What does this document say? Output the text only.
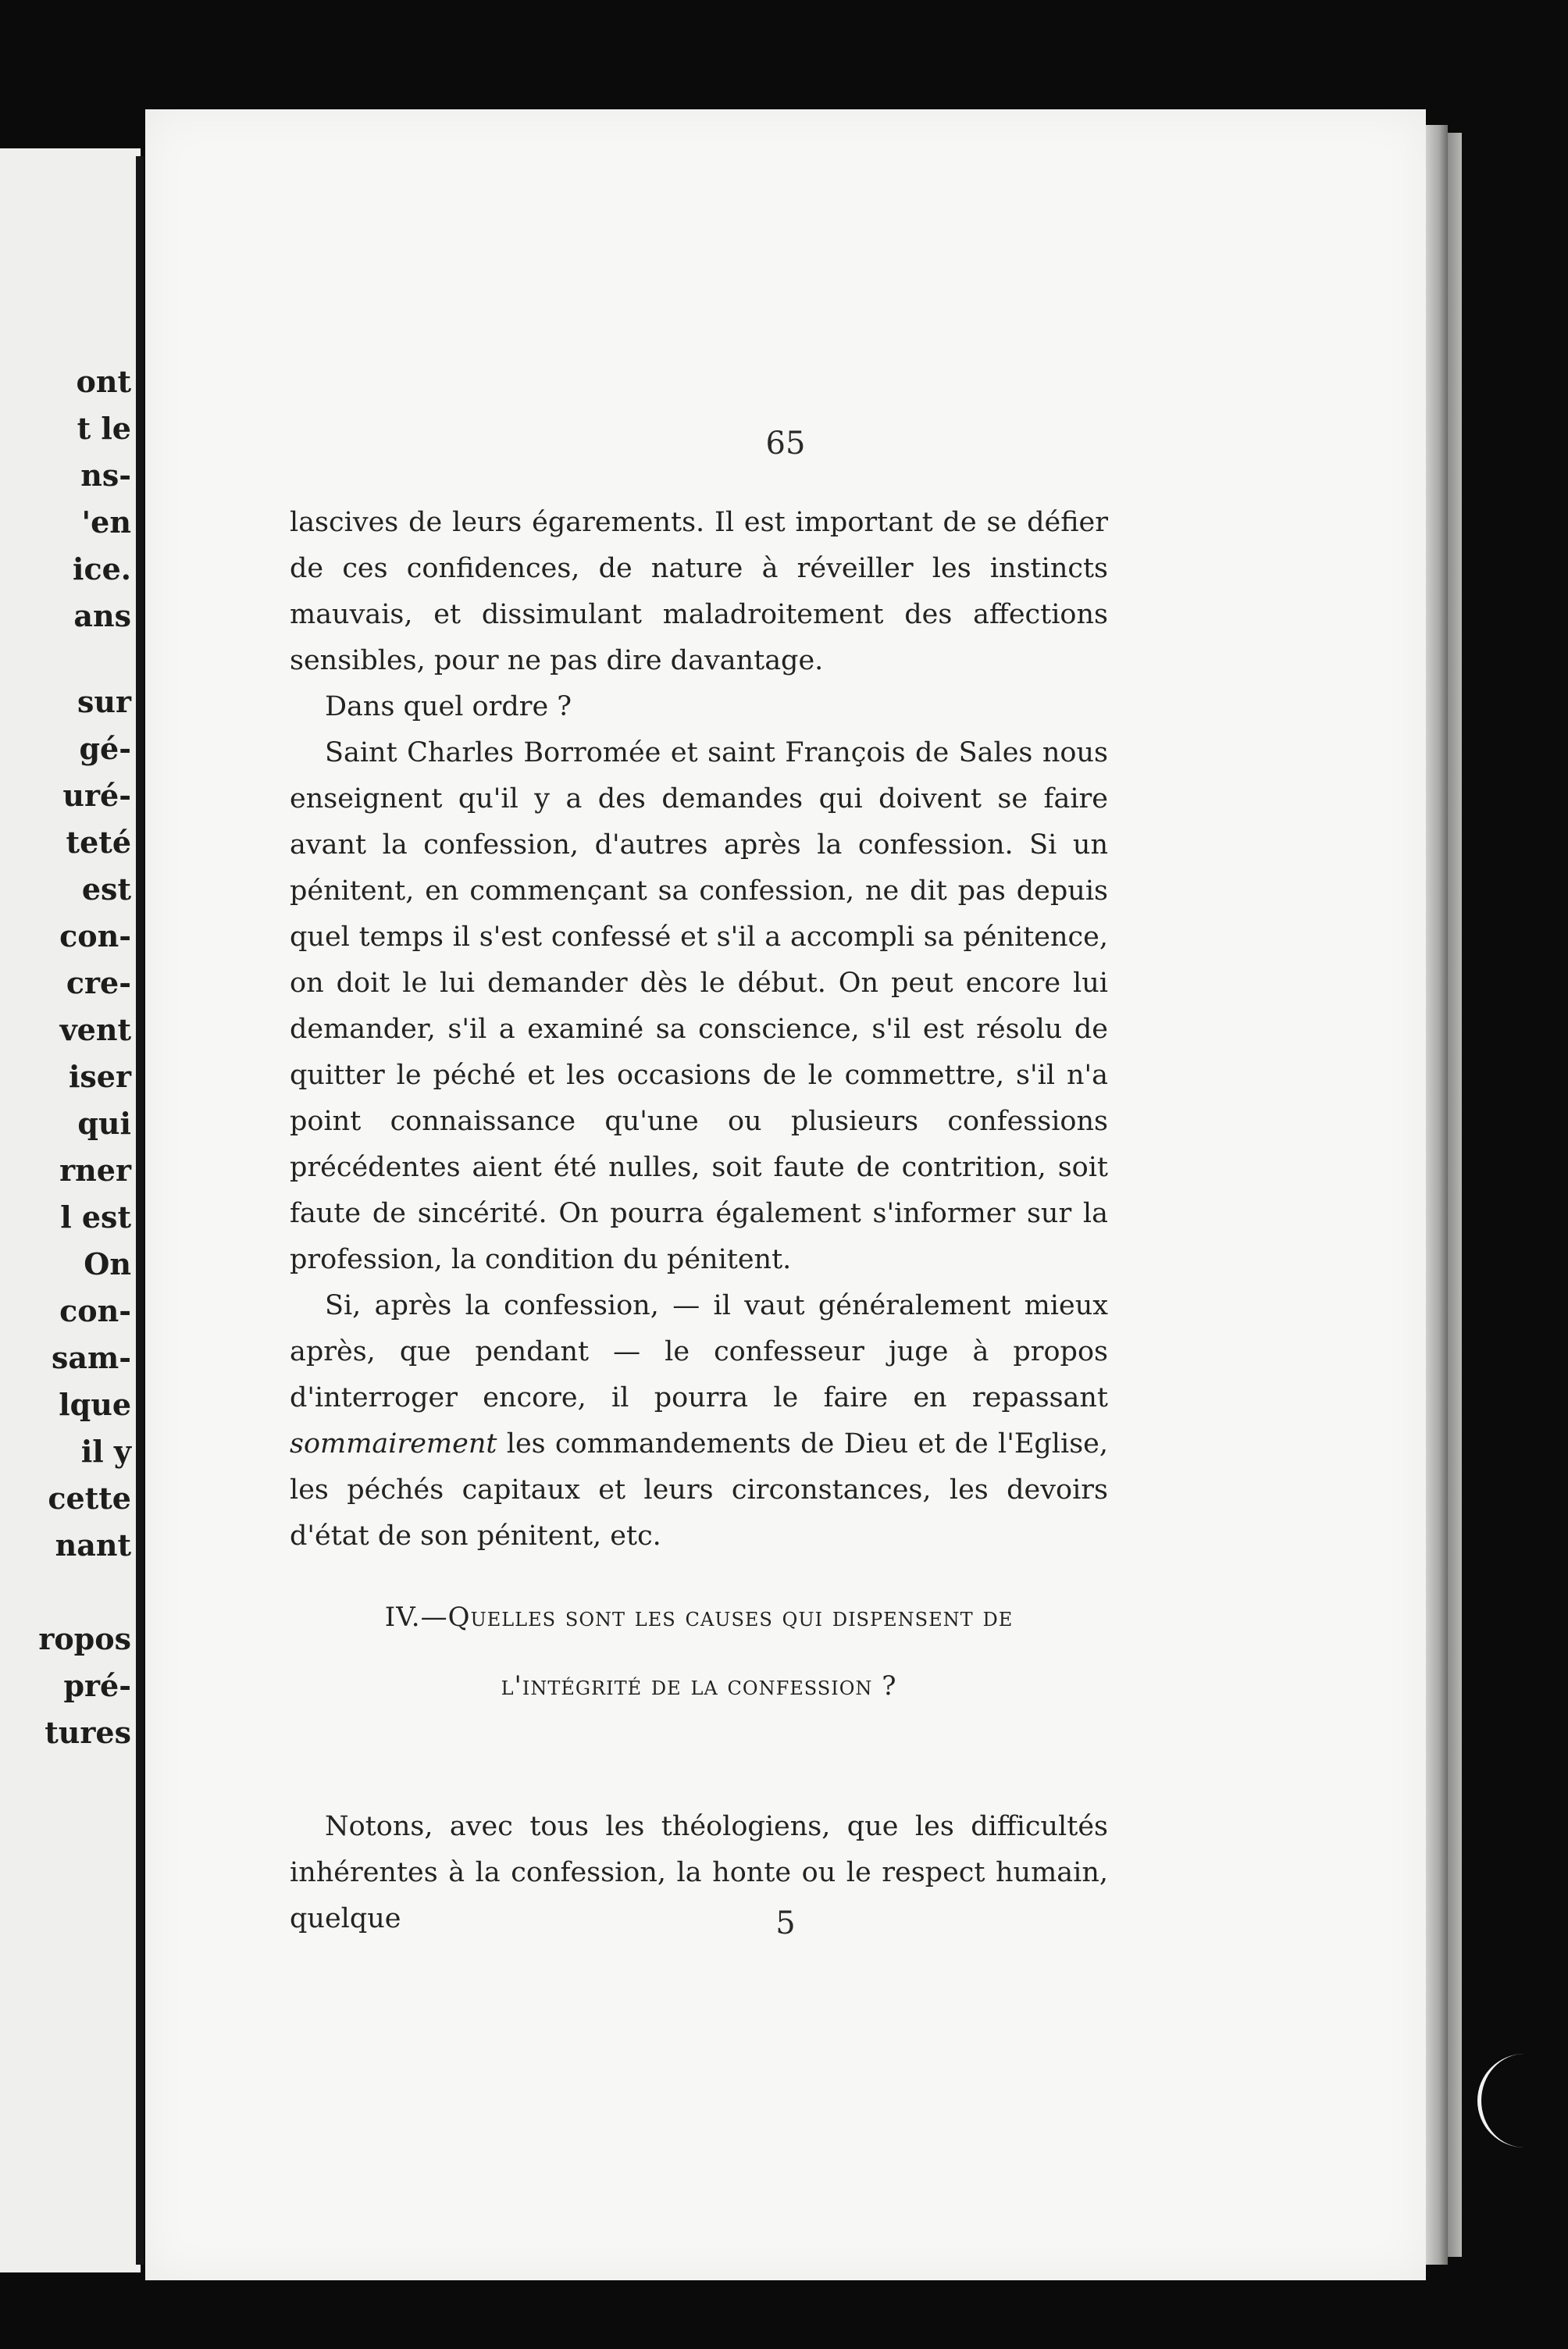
ont
t le
ns-
'en
ice.
ans
sur
gé-
uré-
teté
est
con-
cre-
vent
iser
qui
rner
l est
On
con-
sam-
lque
il y
cette
nant
ropos
pré-
tures
65

lascives de leurs égarements. Il est important de se défier de ces confidences, de nature à réveiller les instincts mauvais, et dissimulant maladroitement des affections sensibles, pour ne pas dire davantage.

Dans quel ordre ?

Saint Charles Borromée et saint François de Sales nous enseignent qu'il y a des demandes qui doivent se faire avant la confession, d'autres après la confession. Si un pénitent, en commençant sa confession, ne dit pas depuis quel temps il s'est confessé et s'il a accompli sa pénitence, on doit le lui demander dès le début. On peut encore lui demander, s'il a examiné sa conscience, s'il est résolu de quitter le péché et les occasions de le commettre, s'il n'a point connaissance qu'une ou plusieurs confessions précédentes aient été nulles, soit faute de contrition, soit faute de sincérité. On pourra également s'informer sur la profession, la condition du pénitent.

Si, après la confession, — il vaut généralement mieux après, que pendant — le confesseur juge à propos d'interroger encore, il pourra le faire en repassant sommairement les commandements de Dieu et de l'Eglise, les péchés capitaux et leurs circonstances, les devoirs d'état de son pénitent, etc.

IV.—Quelles sont les causes qui dispensent de
l'intégrité de la confession ?

Notons, avec tous les théologiens, que les difficultés inhérentes à la confession, la honte ou le respect humain, quelque	5
